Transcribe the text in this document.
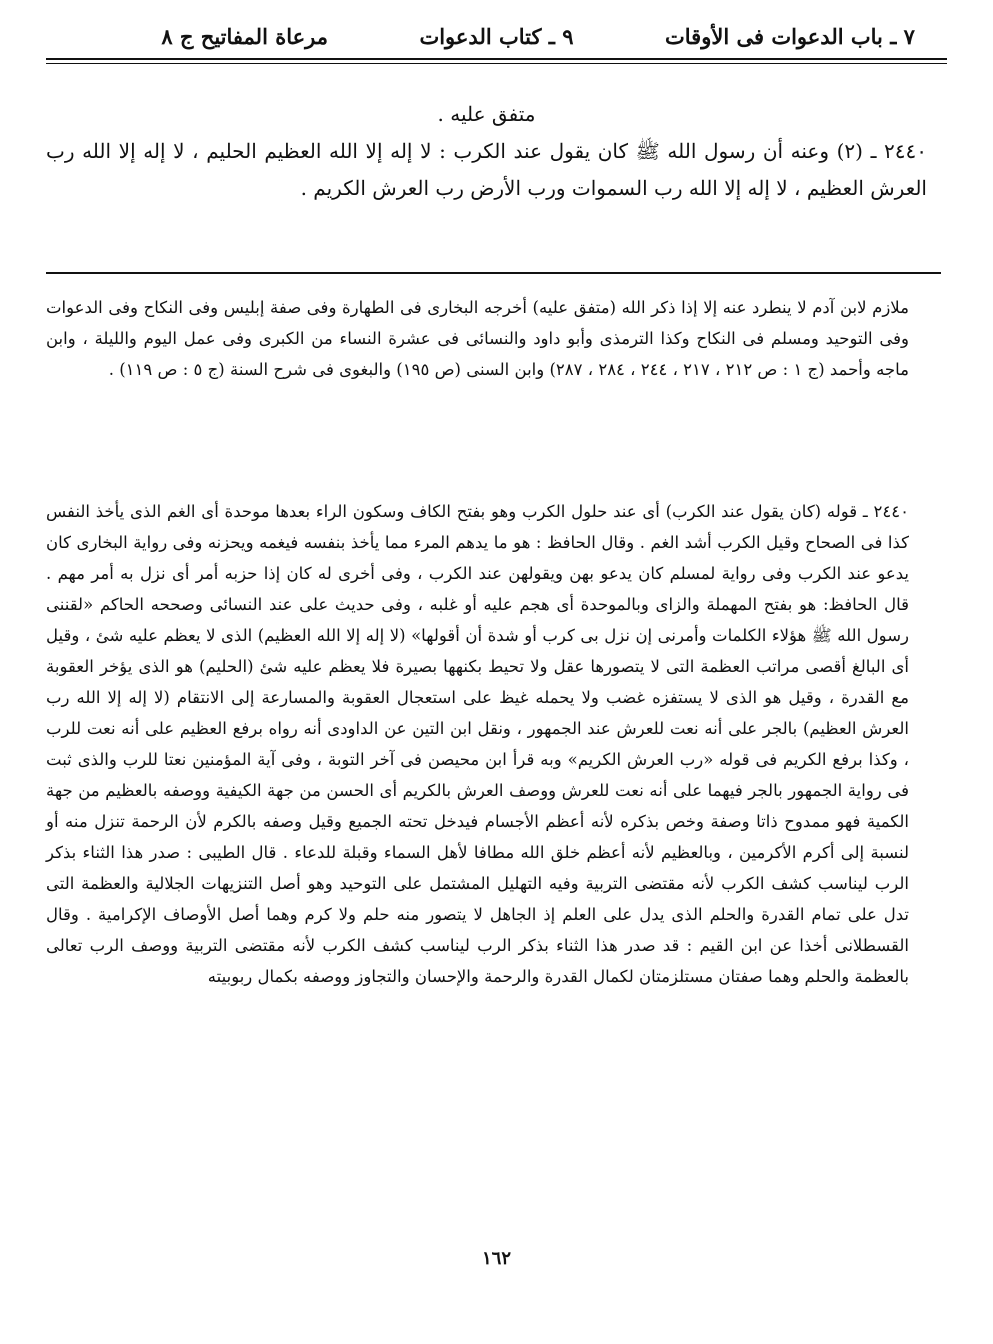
مرعاة المفاتيح ج ٨	٩ ـ كتاب الدعوات	٧ ـ باب الدعوات فى الأوقات

متفق عليه .

٢٤٤٠ ـ (٢) وعنه أن رسول الله ﷺ كان يقول عند الكرب : لا إله إلا الله العظيم الحليم ، لا إله إلا الله رب العرش العظيم ، لا إله إلا الله رب السموات ورب الأرض رب العرش الكريم .

ملازم لابن آدم لا ينطرد عنه إلا إذا ذكر الله (متفق عليه) أخرجه البخارى فى الطهارة وفى صفة إبليس وفى النكاح وفى الدعوات وفى التوحيد ومسلم فى النكاح وكذا الترمذى وأبو داود والنسائى فى عشرة النساء من الكبرى وفى عمل اليوم والليلة ، وابن ماجه وأحمد (ج ١ : ص ٢١٢ ، ٢١٧ ، ٢٤٤ ، ٢٨٤ ، ٢٨٧) وابن السنى (ص ١٩٥) والبغوى فى شرح السنة (ج ٥ : ص ١١٩) .

٢٤٤٠ ـ قوله (كان يقول عند الكرب) أى عند حلول الكرب وهو بفتح الكاف وسكون الراء بعدها موحدة أى الغم الذى يأخذ النفس كذا فى الصحاح وقيل الكرب أشد الغم . وقال الحافظ : هو ما يدهم المرء مما يأخذ بنفسه فيغمه ويحزنه وفى رواية البخارى كان يدعو عند الكرب وفى رواية لمسلم كان يدعو بهن ويقولهن عند الكرب ، وفى أخرى له كان إذا حزبه أمر أى نزل به أمر مهم . قال الحافظ: هو بفتح المهملة والزاى وبالموحدة أى هجم عليه أو غلبه ، وفى حديث على عند النسائى وصححه الحاكم «لقننى رسول الله ﷺ هؤلاء الكلمات وأمرنى إن نزل بى كرب أو شدة أن أقولها» (لا إله إلا الله العظيم) الذى لا يعظم عليه شئ ، وقيل أى البالغ أقصى مراتب العظمة التى لا يتصورها عقل ولا تحيط بكنهها بصيرة فلا يعظم عليه شئ (الحليم) هو الذى يؤخر العقوبة مع القدرة ، وقيل هو الذى لا يستفزه غضب ولا يحمله غيظ على استعجال العقوبة والمسارعة إلى الانتقام (لا إله إلا الله رب العرش العظيم) بالجر على أنه نعت للعرش عند الجمهور ، ونقل ابن التين عن الداودى أنه رواه برفع العظيم على أنه نعت للرب ، وكذا برفع الكريم فى قوله «رب العرش الكريم» وبه قرأ ابن محيصن فى آخر التوبة ، وفى آية المؤمنين نعتا للرب والذى ثبت فى رواية الجمهور بالجر فيهما على أنه نعت للعرش ووصف العرش بالكريم أى الحسن من جهة الكيفية ووصفه بالعظيم من جهة الكمية فهو ممدوح ذاتا وصفة وخص بذكره لأنه أعظم الأجسام فيدخل تحته الجميع وقيل وصفه بالكرم لأن الرحمة تنزل منه أو لنسبة إلى أكرم الأكرمين ، وبالعظيم لأنه أعظم خلق الله مطافا لأهل السماء وقبلة للدعاء . قال الطيبى : صدر هذا الثناء بذكر الرب ليناسب كشف الكرب لأنه مقتضى التربية وفيه التهليل المشتمل على التوحيد وهو أصل التنزيهات الجلالية والعظمة التى تدل على تمام القدرة والحلم الذى يدل على العلم إذ الجاهل لا يتصور منه حلم ولا كرم وهما أصل الأوصاف الإكرامية . وقال القسطلانى أخذا عن ابن القيم : قد صدر هذا الثناء بذكر الرب ليناسب كشف الكرب لأنه مقتضى التربية ووصف الرب تعالى بالعظمة والحلم وهما صفتان مستلزمتان لكمال القدرة والرحمة والإحسان والتجاوز ووصفه بكمال ربوبيته

١٦٢
